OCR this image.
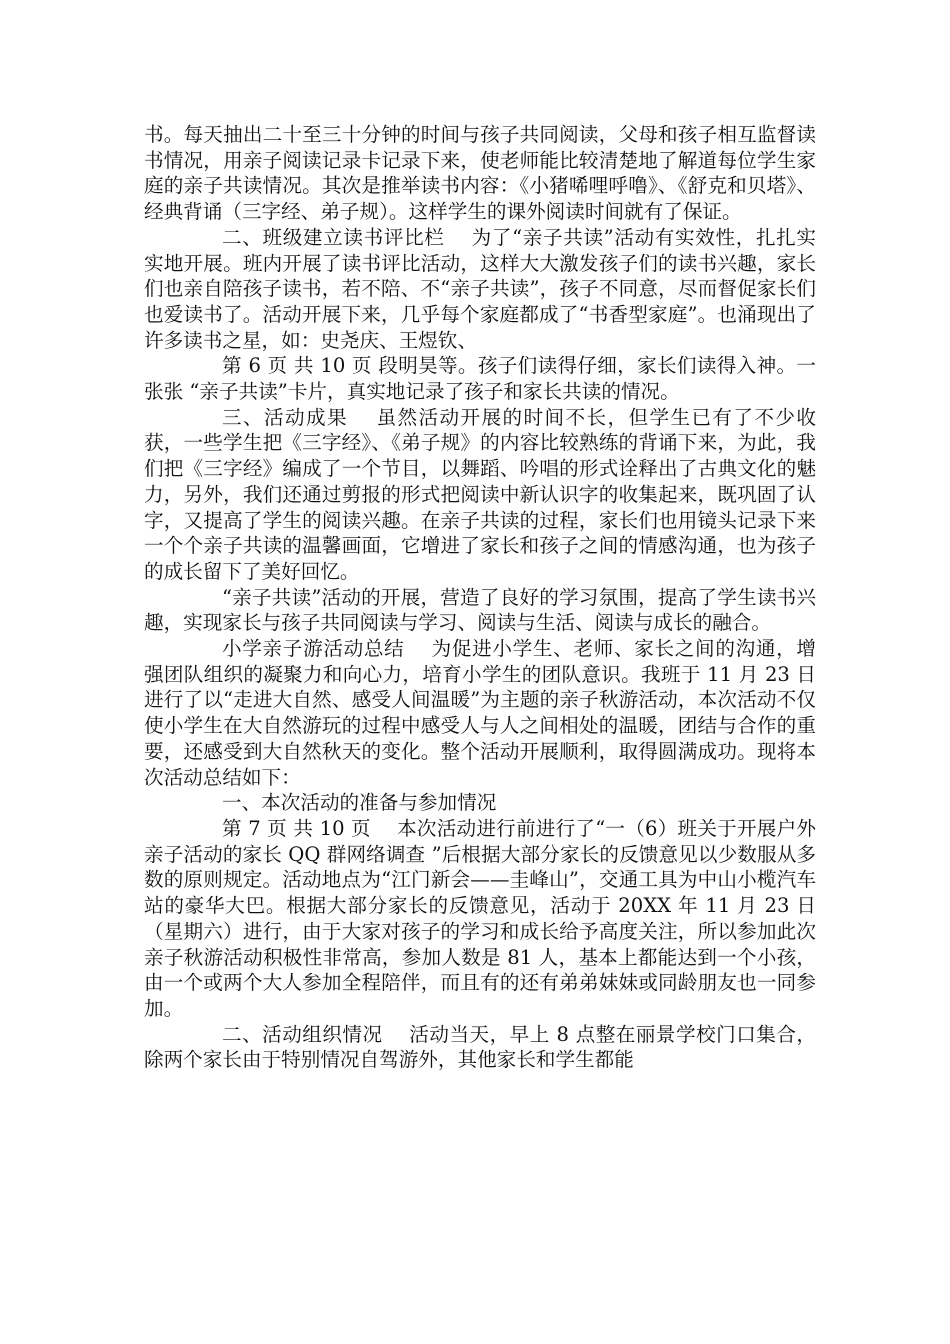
书。每天抽出二十至三十分钟的时间与孩子共同阅读，父母和孩子相互监督读书情况，用亲子阅读记录卡记录下来，使老师能比较清楚地了解道每位学生家庭的亲子共读情况。其次是推举读书内容：《小猪唏哩呼噜》、《舒克和贝塔》、经典背诵（三字经、弟子规）。这样学生的课外阅读时间就有了保证。

二、班级建立读书评比栏　 为了“亲子共读”活动有实效性，扎扎实实地开展。班内开展了读书评比活动，这样大大激发孩子们的读书兴趣，家长们也亲自陪孩子读书，若不陪、不“亲子共读”，孩子不同意，尽而督促家长们也爱读书了。活动开展下来，几乎每个家庭都成了“书香型家庭”。也涌现出了许多读书之星，如：史尧庆、王煜钦、

第 6 页 共 10 页 段明昊等。孩子们读得仔细，家长们读得入神。一张张 “亲子共读”卡片，真实地记录了孩子和家长共读的情况。

三、活动成果　 虽然活动开展的时间不长，但学生已有了不少收获，一些学生把《三字经》、《弟子规》的内容比较熟练的背诵下来，为此，我们把《三字经》编成了一个节目，以舞蹈、吟唱的形式诠释出了古典文化的魅力，另外，我们还通过剪报的形式把阅读中新认识字的收集起来，既巩固了认字，又提高了学生的阅读兴趣。在亲子共读的过程，家长们也用镜头记录下来一个个亲子共读的温馨画面，它增进了家长和孩子之间的情感沟通，也为孩子的成长留下了美好回忆。

“亲子共读”活动的开展，营造了良好的学习氛围，提高了学生读书兴趣，实现家长与孩子共同阅读与学习、阅读与生活、阅读与成长的融合。

小学亲子游活动总结　 为促进小学生、老师、家长之间的沟通，增强团队组织的凝聚力和向心力，培育小学生的团队意识。我班于 11 月 23 日进行了以“走进大自然、感受人间温暖”为主题的亲子秋游活动，本次活动不仅使小学生在大自然游玩的过程中感受人与人之间相处的温暖，团结与合作的重要，还感受到大自然秋天的变化。整个活动开展顺利，取得圆满成功。现将本次活动总结如下：

一、本次活动的准备与参加情况

第 7 页 共 10 页　 本次活动进行前进行了“一（6）班关于开展户外亲子活动的家长 QQ 群网络调查 ”后根据大部分家长的反馈意见以少数服从多数的原则规定。活动地点为“江门新会——圭峰山”，交通工具为中山小榄汽车站的豪华大巴。根据大部分家长的反馈意见，活动于 20XX 年 11 月 23 日（星期六）进行，由于大家对孩子的学习和成长给予高度关注，所以参加此次亲子秋游活动积极性非常高，参加人数是 81 人，基本上都能达到一个小孩，由一个或两个大人参加全程陪伴，而且有的还有弟弟妹妹或同龄朋友也一同参加。

二、活动组织情况　 活动当天，早上 8 点整在丽景学校门口集合，除两个家长由于特别情况自驾游外，其他家长和学生都能
